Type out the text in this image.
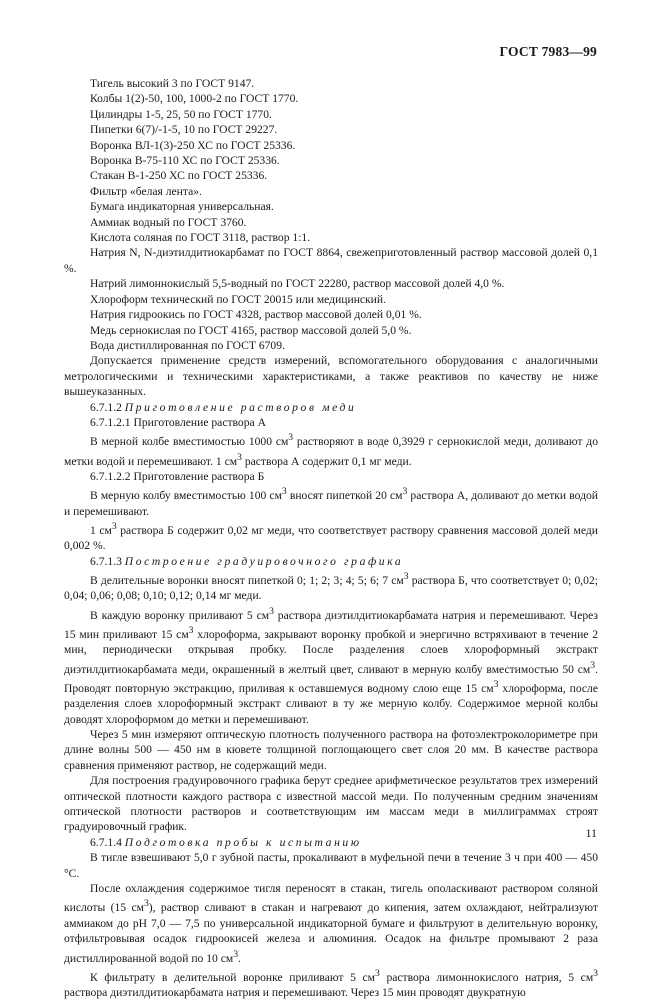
ГОСТ 7983—99

Тигель высокий 3 по ГОСТ 9147.

Колбы 1(2)-50, 100, 1000-2 по ГОСТ 1770.

Цилиндры 1-5, 25, 50 по ГОСТ 1770.

Пипетки 6(7)/-1-5, 10 по ГОСТ 29227.

Воронка ВЛ-1(3)-250 ХС по ГОСТ 25336.

Воронка В-75-110 ХС по ГОСТ 25336.

Стакан В-1-250 ХС по ГОСТ 25336.

Фильтр «белая лента».

Бумага индикаторная универсальная.

Аммиак водный по ГОСТ 3760.

Кислота соляная по ГОСТ 3118, раствор 1:1.

Натрия N, N-диэтилдитиокарбамат по ГОСТ 8864, свежеприготовленный раствор массовой долей 0,1 %.

Натрий лимоннокислый 5,5-водный по ГОСТ 22280, раствор массовой долей 4,0 %.

Хлороформ технический по ГОСТ 20015 или медицинский.

Натрия гидроокись по ГОСТ 4328, раствор массовой долей 0,01 %.

Медь сернокислая по ГОСТ 4165, раствор массовой долей 5,0 %.

Вода дистиллированная по ГОСТ 6709.

Допускается применение средств измерений, вспомогательного оборудования с аналогичными метрологическими и техническими характеристиками, а также реактивов по качеству не ниже вышеуказанных.

6.7.1.2 Приготовление растворов меди

6.7.1.2.1 Приготовление раствора А

В мерной колбе вместимостью 1000 $см^3$ растворяют в воде 0,3929 г сернокислой меди, доливают до метки водой и перемешивают. 1 $см^3$ раствора А содержит 0,1 мг меди.

6.7.1.2.2 Приготовление раствора Б

В мерную колбу вместимостью 100 $см^3$ вносят пипеткой 20 $см^3$ раствора А, доливают до метки водой и перемешивают.

1 $см^3$ раствора Б содержит 0,02 мг меди, что соответствует раствору сравнения массовой долей меди 0,002 %.

6.7.1.3 Построение градуировочного графика

В делительные воронки вносят пипеткой 0; 1; 2; 3; 4; 5; 6; 7 $см^3$ раствора Б, что соответствует 0; 0,02; 0,04; 0,06; 0,08; 0,10; 0,12; 0,14 мг меди.

В каждую воронку приливают 5 $см^3$ раствора диэтилдитиокарбамата натрия и перемешивают. Через 15 мин приливают 15 $см^3$ хлороформа, закрывают воронку пробкой и энергично встряхивают в течение 2 мин, периодически открывая пробку. После разделения слоев хлороформный экстракт диэтилдитиокарбамата меди, окрашенный в желтый цвет, сливают в мерную колбу вместимостью 50 $см^3$. Проводят повторную экстракцию, приливая к оставшемуся водному слою еще 15 $см^3$ хлороформа, после разделения слоев хлороформный экстракт сливают в ту же мерную колбу. Содержимое мерной колбы доводят хлороформом до метки и перемешивают.

Через 5 мин измеряют оптическую плотность полученного раствора на фотоэлектроколориметре при длине волны 500 — 450 нм в кювете толщиной поглощающего свет слоя 20 мм. В качестве раствора сравнения применяют раствор, не содержащий меди.

Для построения градуировочного графика берут среднее арифметическое результатов трех измерений оптической плотности каждого раствора с известной массой меди. По полученным средним значениям оптической плотности растворов и соответствующим им массам меди в миллиграммах строят градуировочный график.

6.7.1.4 Подготовка пробы к испытанию

В тигле взвешивают 5,0 г зубной пасты, прокаливают в муфельной печи в течение 3 ч при 400 — 450 °С.

После охлаждения содержимое тигля переносят в стакан, тигель ополаскивают раствором соляной кислоты (15 $см^3$), раствор сливают в стакан и нагревают до кипения, затем охлаждают, нейтрализуют аммиаком до рН 7,0 — 7,5 по универсальной индикаторной бумаге и фильтруют в делительную воронку, отфильтровывая осадок гидроокисей железа и алюминия. Осадок на фильтре промывают 2 раза дистиллированной водой по 10 $см^3$.

К фильтрату в делительной воронке приливают 5 $см^3$ раствора лимоннокислого натрия, 5 $см^3$ раствора диэтилдитиокарбамата натрия и перемешивают. Через 15 мин проводят двукратную

11
